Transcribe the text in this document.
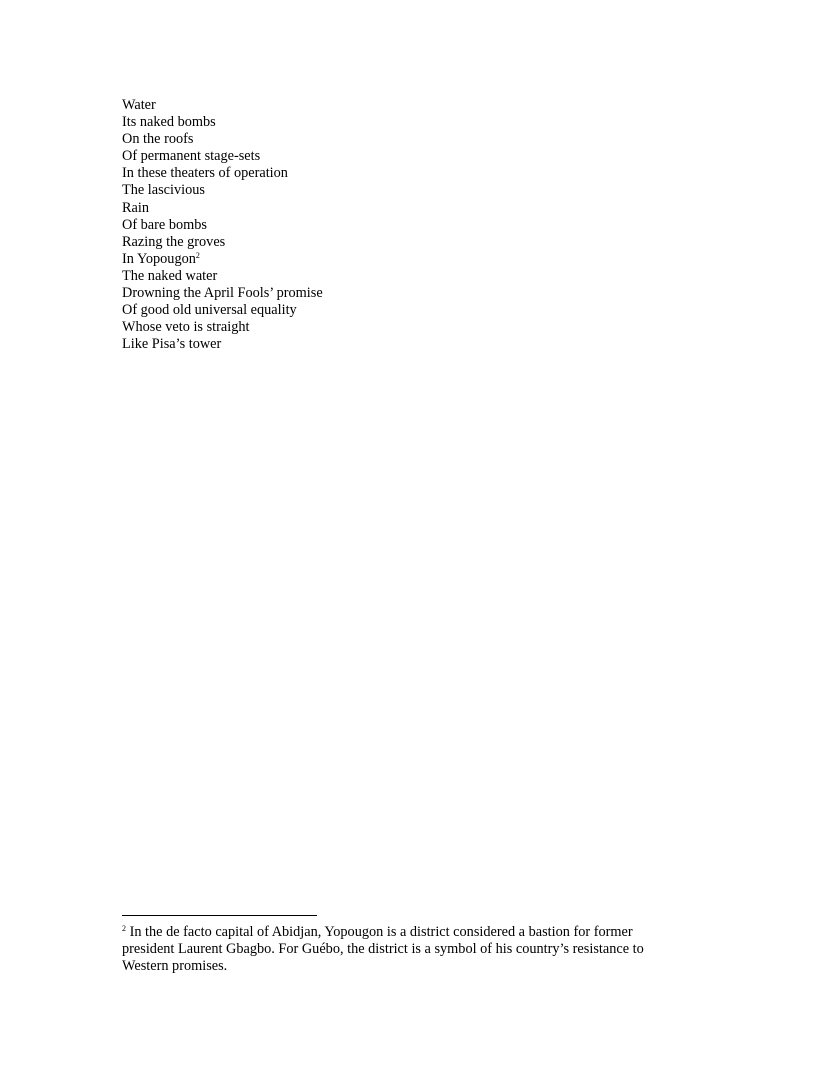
Water
Its naked bombs
On the roofs
Of permanent stage-sets
In these theaters of operation
The lascivious
Rain
Of bare bombs
Razing the groves
In Yopougon$^2$
The naked water
Drowning the April Fools’ promise
Of good old universal equality
Whose veto is straight
Like Pisa’s tower
$^2$ In the de facto capital of Abidjan, Yopougon is a district considered a bastion for former
president Laurent Gbagbo. For Guébo, the district is a symbol of his country’s resistance to
Western promises.
